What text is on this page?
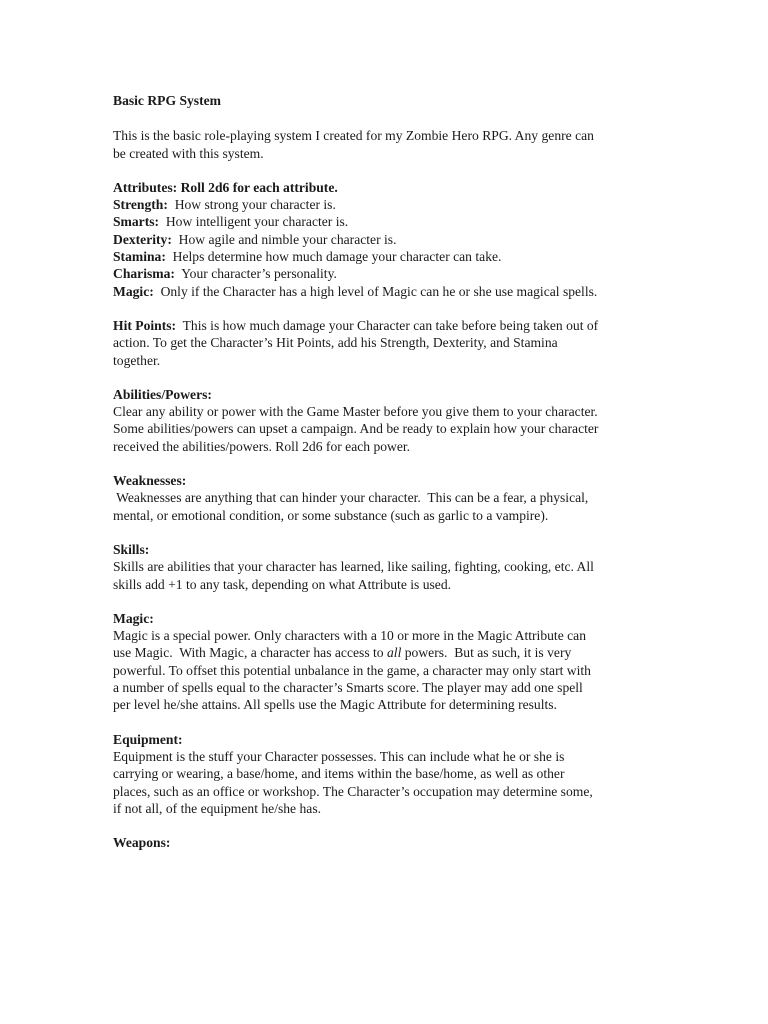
Basic RPG System

This is the basic role-playing system I created for my Zombie Hero RPG. Any genre can
be created with this system.

Attributes: Roll 2d6 for each attribute.
Strength:  How strong your character is.
Smarts:  How intelligent your character is.
Dexterity:  How agile and nimble your character is.
Stamina:  Helps determine how much damage your character can take.
Charisma:  Your character’s personality.
Magic:  Only if the Character has a high level of Magic can he or she use magical spells.
Hit Points:  This is how much damage your Character can take before being taken out of
action. To get the Character’s Hit Points, add his Strength, Dexterity, and Stamina
together.
Abilities/Powers:
Clear any ability or power with the Game Master before you give them to your character.
Some abilities/powers can upset a campaign. And be ready to explain how your character
received the abilities/powers. Roll 2d6 for each power.
Weaknesses:
Weaknesses are anything that can hinder your character.  This can be a fear, a physical,
mental, or emotional condition, or some substance (such as garlic to a vampire).
Skills:
Skills are abilities that your character has learned, like sailing, fighting, cooking, etc. All
skills add +1 to any task, depending on what Attribute is used.
Magic:
Magic is a special power. Only characters with a 10 or more in the Magic Attribute can
use Magic.  With Magic, a character has access to all powers.  But as such, it is very
powerful. To offset this potential unbalance in the game, a character may only start with
a number of spells equal to the character’s Smarts score. The player may add one spell
per level he/she attains. All spells use the Magic Attribute for determining results.
Equipment:
Equipment is the stuff your Character possesses. This can include what he or she is
carrying or wearing, a base/home, and items within the base/home, as well as other
places, such as an office or workshop. The Character’s occupation may determine some,
if not all, of the equipment he/she has.
Weapons:
